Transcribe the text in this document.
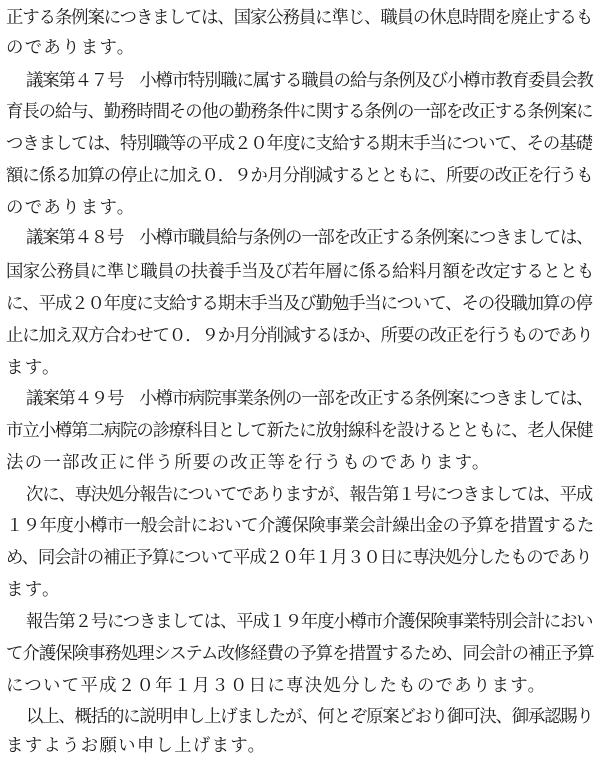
正する条例案につきましては、国家公務員に準じ、職員の休息時間を廃止するも
のであります。
議案第４７号　小樽市特別職に属する職員の給与条例及び小樽市教育委員会教
育長の給与、勤務時間その他の勤務条件に関する条例の一部を改正する条例案に
つきましては、特別職等の平成２０年度に支給する期末手当について、その基礎
額に係る加算の停止に加え０．９か月分削減するとともに、所要の改正を行うも
のであります。
議案第４８号　小樽市職員給与条例の一部を改正する条例案につきましては、
国家公務員に準じ職員の扶養手当及び若年層に係る給料月額を改定するととも
に、平成２０年度に支給する期末手当及び勤勉手当について、その役職加算の停
止に加え双方合わせて０．９か月分削減するほか、所要の改正を行うものであり
ます。
議案第４９号　小樽市病院事業条例の一部を改正する条例案につきましては、
市立小樽第二病院の診療科目として新たに放射線科を設けるとともに、老人保健
法の一部改正に伴う所要の改正等を行うものであります。
次に、専決処分報告についてでありますが、報告第１号につきましては、平成
１９年度小樽市一般会計において介護保険事業会計繰出金の予算を措置するた
め、同会計の補正予算について平成２０年１月３０日に専決処分したものであり
ます。
報告第２号につきましては、平成１９年度小樽市介護保険事業特別会計におい
て介護保険事務処理システム改修経費の予算を措置するため、同会計の補正予算
について平成２０年１月３０日に専決処分したものであります。
以上、概括的に説明申し上げましたが、何とぞ原案どおり御可決、御承認賜り
ますようお願い申し上げます。
